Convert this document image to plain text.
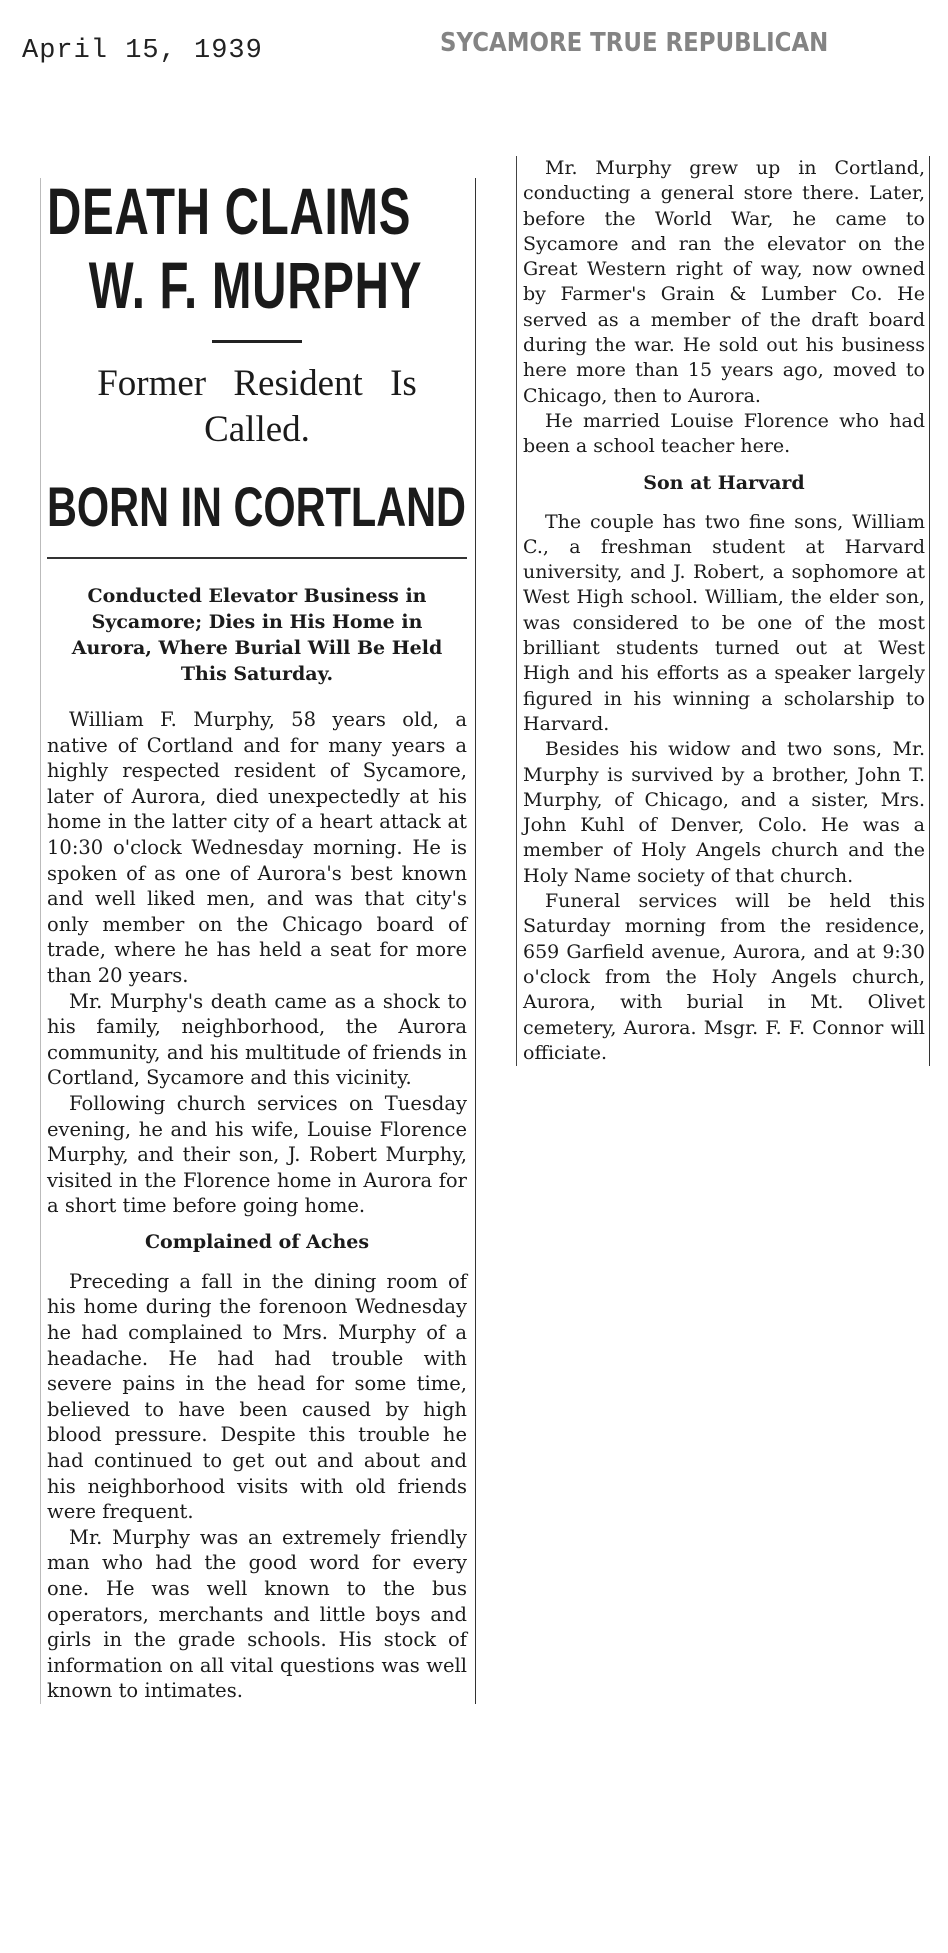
April 15, 1939	SYCAMORE TRUE REPUBLICAN
DEATH CLAIMS
W. F. MURPHY
Former Resident Is Called.
BORN IN CORTLAND
Conducted Elevator Business in Sycamore; Dies in His Home in Aurora, Where Burial Will Be Held This Saturday.

William F. Murphy, 58 years old, a native of Cortland and for many years a highly respected resident of Sycamore, later of Aurora, died unexpectedly at his home in the latter city of a heart attack at 10:30 o'clock Wednesday morning. He is spoken of as one of Aurora's best known and well liked men, and was that city's only member on the Chicago board of trade, where he has held a seat for more than 20 years.

Mr. Murphy's death came as a shock to his family, neighborhood, the Aurora community, and his multitude of friends in Cortland, Sycamore and this vicinity.

Following church services on Tuesday evening, he and his wife, Louise Florence Murphy, and their son, J. Robert Murphy, visited in the Florence home in Aurora for a short time before going home.

Complained of Aches

Preceding a fall in the dining room of his home during the forenoon Wednesday he had complained to Mrs. Murphy of a headache. He had had trouble with severe pains in the head for some time, believed to have been caused by high blood pressure. Despite this trouble he had continued to get out and about and his neighborhood visits with old friends were frequent.

Mr. Murphy was an extremely friendly man who had the good word for every one. He was well known to the bus operators, merchants and little boys and girls in the grade schools. His stock of information on all vital questions was well known to intimates.

Mr. Murphy grew up in Cortland, conducting a general store there. Later, before the World War, he came to Sycamore and ran the elevator on the Great Western right of way, now owned by Farmer's Grain & Lumber Co. He served as a member of the draft board during the war. He sold out his business here more than 15 years ago, moved to Chicago, then to Aurora.

He married Louise Florence who had been a school teacher here.

Son at Harvard

The couple has two fine sons, William C., a freshman student at Harvard university, and J. Robert, a sophomore at West High school. William, the elder son, was considered to be one of the most brilliant students turned out at West High and his efforts as a speaker largely figured in his winning a scholarship to Harvard.

Besides his widow and two sons, Mr. Murphy is survived by a brother, John T. Murphy, of Chicago, and a sister, Mrs. John Kuhl of Denver, Colo. He was a member of Holy Angels church and the Holy Name society of that church.

Funeral services will be held this Saturday morning from the residence, 659 Garfield avenue, Aurora, and at 9:30 o'clock from the Holy Angels church, Aurora, with burial in Mt. Olivet cemetery, Aurora. Msgr. F. F. Connor will officiate.
